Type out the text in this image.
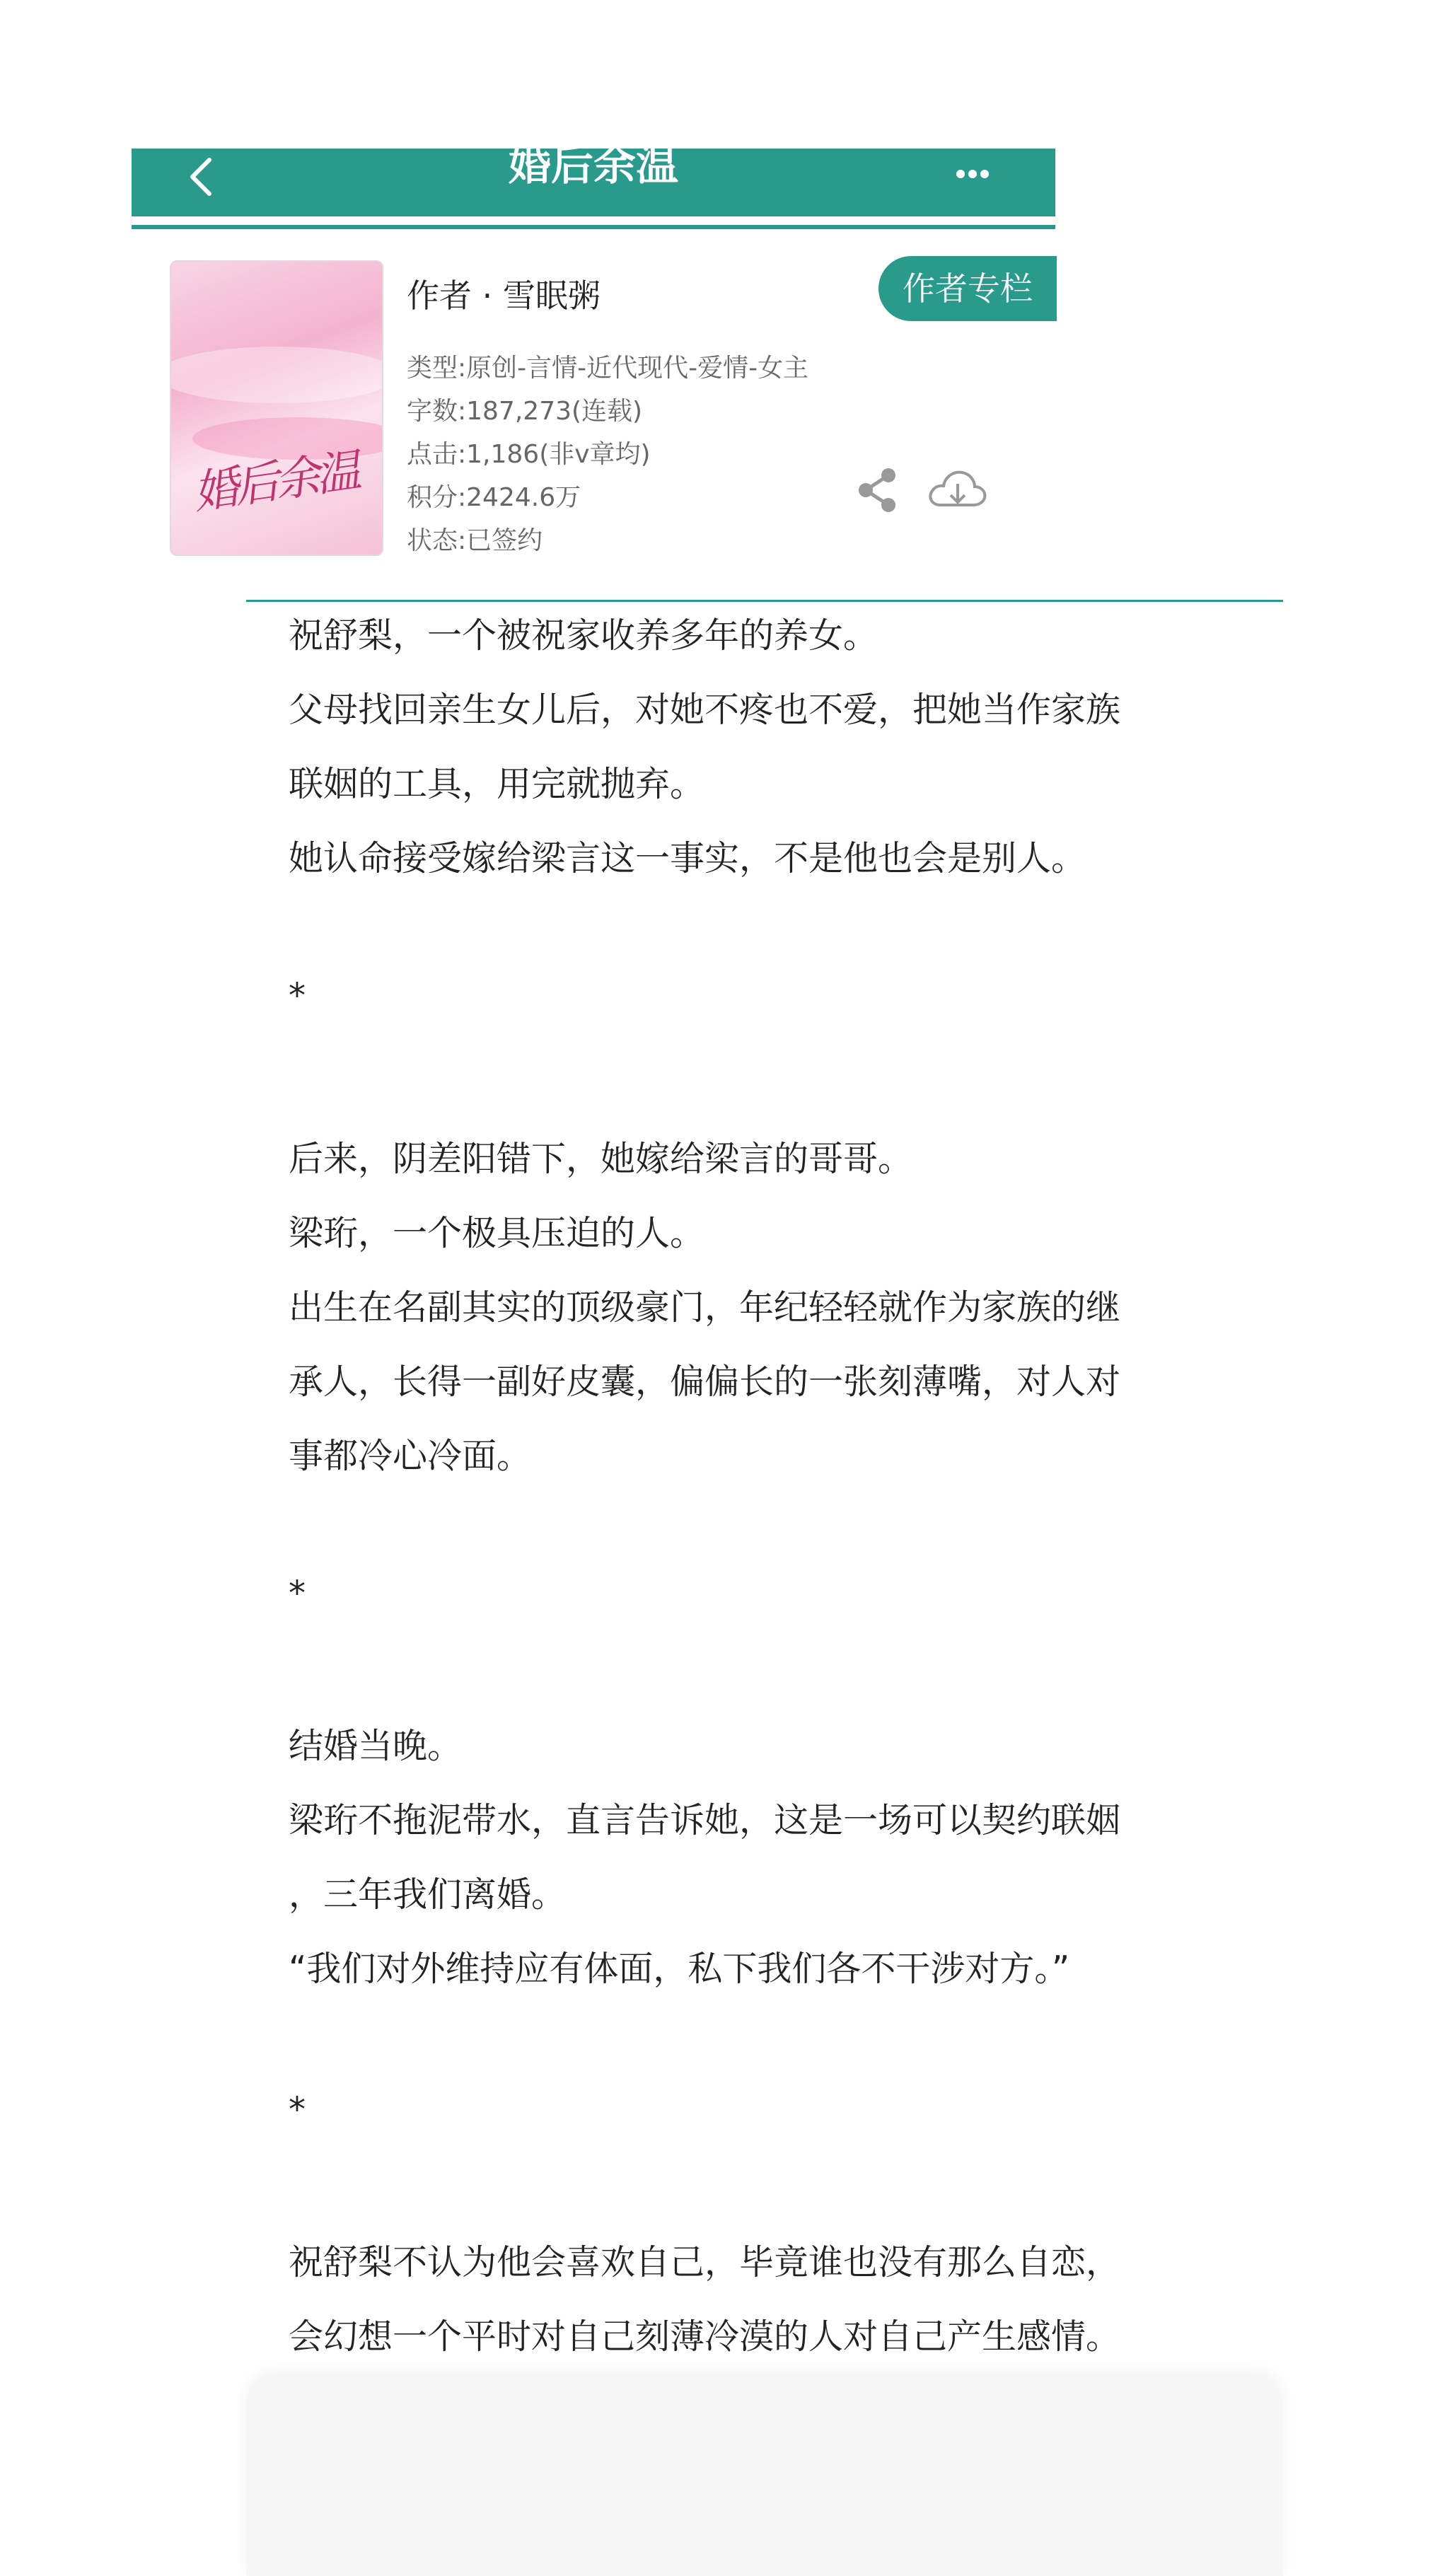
婚后余温
婚后余温
作者 · 雪眠粥	作者专栏
类型:原创-言情-近代现代-爱情-女主
字数:187,273(连载)
点击:1,186(非v章均)
积分:2424.6万
状态:已签约
祝舒梨，一个被祝家收养多年的养女。
父母找回亲生女儿后，对她不疼也不爱，把她当作家族
联姻的工具，用完就抛弃。
她认命接受嫁给梁言这一事实，不是他也会是别人。
*
后来，阴差阳错下，她嫁给梁言的哥哥。
梁珩，一个极具压迫的人。
出生在名副其实的顶级豪门，年纪轻轻就作为家族的继
承人，长得一副好皮囊，偏偏长的一张刻薄嘴，对人对
事都冷心冷面。
*
结婚当晚。
梁珩不拖泥带水，直言告诉她，这是一场可以契约联姻
，三年我们离婚。
“我们对外维持应有体面，私下我们各不干涉对方。”
*
祝舒梨不认为他会喜欢自己，毕竟谁也没有那么自恋，
会幻想一个平时对自己刻薄冷漠的人对自己产生感情。
